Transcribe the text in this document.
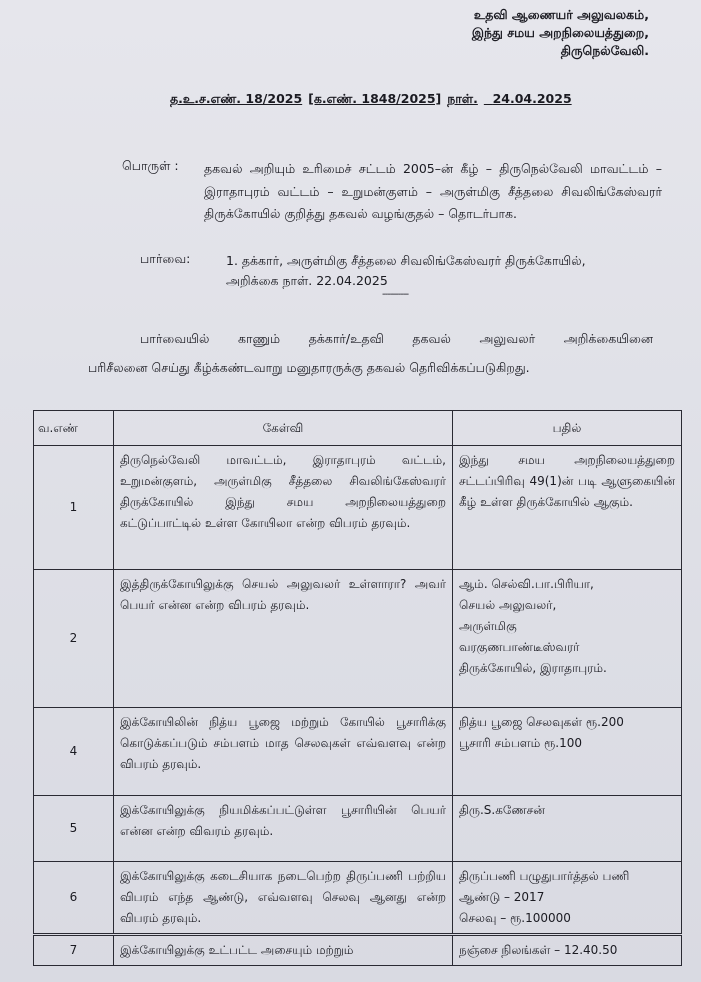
உதவி ஆணையர் அலுவலகம்,
இந்து சமய அறநிலையத்துறை,
திருநெல்வேலி.
த.உ.ச.எண். 18/2025 [க.எண். 1848/2025] நாள். 24.04.2025
பொருள் : தகவல் அறியும் உரிமைச் சட்டம் 2005–ன் கீழ் – திருநெல்வேலி மாவட்டம் – இராதாபுரம் வட்டம் – உறுமன்குளம் – அருள்மிகு சீத்தலை சிவலிங்கேஸ்வரர் திருக்கோயில் குறித்து தகவல் வழங்குதல் – தொடர்பாக.
பார்வை:	1. தக்கார், அருள்மிகு சீத்தலை சிவலிங்கேஸ்வரர் திருக்கோயில்,
அறிக்கை நாள். 22.04.2025
----------
பார்வையில் காணும் தக்கார்/உதவி தகவல் அலுவலர் அறிக்கையினை
பரிசீலனை செய்து கீழ்க்கண்டவாறு மனுதாரருக்கு தகவல் தெரிவிக்கப்படுகிறது.
வ.எண்	கேள்வி	பதில்
1	திருநெல்வேலி மாவட்டம், இராதாபுரம் வட்டம், உறுமன்குளம், அருள்மிகு சீத்தலை சிவலிங்கேஸ்வரர் திருக்கோயில் இந்து சமய அறநிலையத்துறை கட்டுப்பாட்டில் உள்ள கோயிலா என்ற விபரம் தரவும்.	இந்து சமய அறநிலையத்துறை சட்டப்பிரிவு 49(1)ன் படி ஆளுகையின் கீழ் உள்ள திருக்கோயில் ஆகும்.
2	இத்திருக்கோயிலுக்கு செயல் அலுவலர் உள்ளாரா? அவர் பெயர் என்ன என்ற விபரம் தரவும்.	ஆம். செல்வி.பா.பிரியா,
செயல் அலுவலர்,
அருள்மிகு
வரகுணபாண்டீஸ்வரர்
திருக்கோயில், இராதாபுரம்.

4	இக்கோயிலின் நித்ய பூஜை மற்றும் கோயில் பூசாரிக்கு கொடுக்கப்படும் சம்பளம் மாத செலவுகள் எவ்வளவு என்ற விபரம் தரவும்.	நித்ய பூஜை செலவுகள் ரூ.200
பூசாரி சம்பளம் ரூ.100

5	இக்கோயிலுக்கு நியமிக்கப்பட்டுள்ள பூசாரியின் பெயர் என்ன என்ற விவரம் தரவும்.	திரு.S.கணேசன்
6	இக்கோயிலுக்கு கடைசியாக நடைபெற்ற திருப்பணி பற்றிய விபரம் எந்த ஆண்டு, எவ்வளவு செலவு ஆனது என்ற விபரம் தரவும்.	திருப்பணி பழுதுபார்த்தல் பணி
ஆண்டு – 2017
செலவு – ரூ.100000

7	இக்கோயிலுக்கு உட்பட்ட அசையும் மற்றும்	நஞ்சை நிலங்கள் – 12.40.50
